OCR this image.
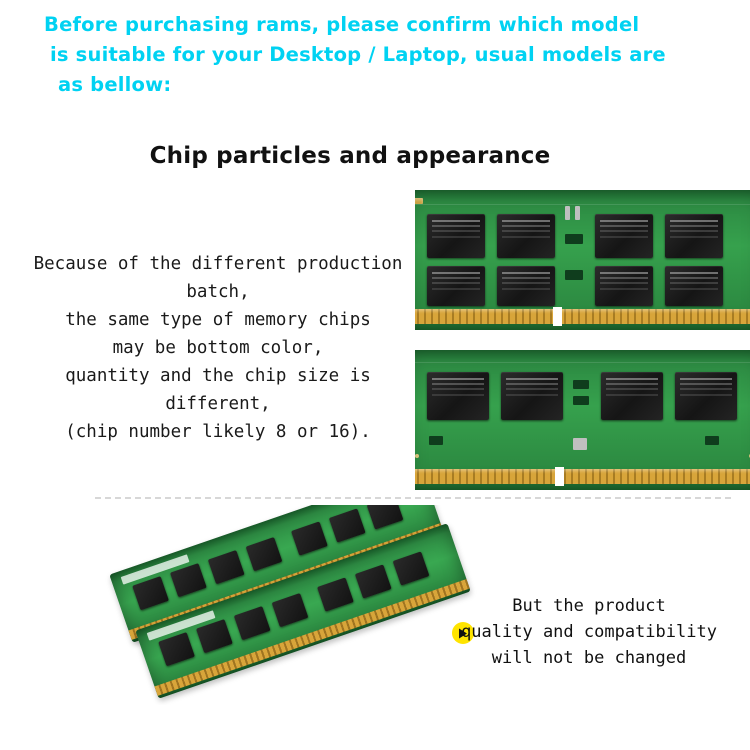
Before purchasing rams, please confirm which model
is suitable for your Desktop / Laptop, usual models are
as bellow:
Chip particles and appearance
Because of the different production batch,
the same type of memory chips
may be bottom color,
quantity and the chip size is different,
(chip number likely 8 or 16).
But the product
quality and compatibility
will not be changed
